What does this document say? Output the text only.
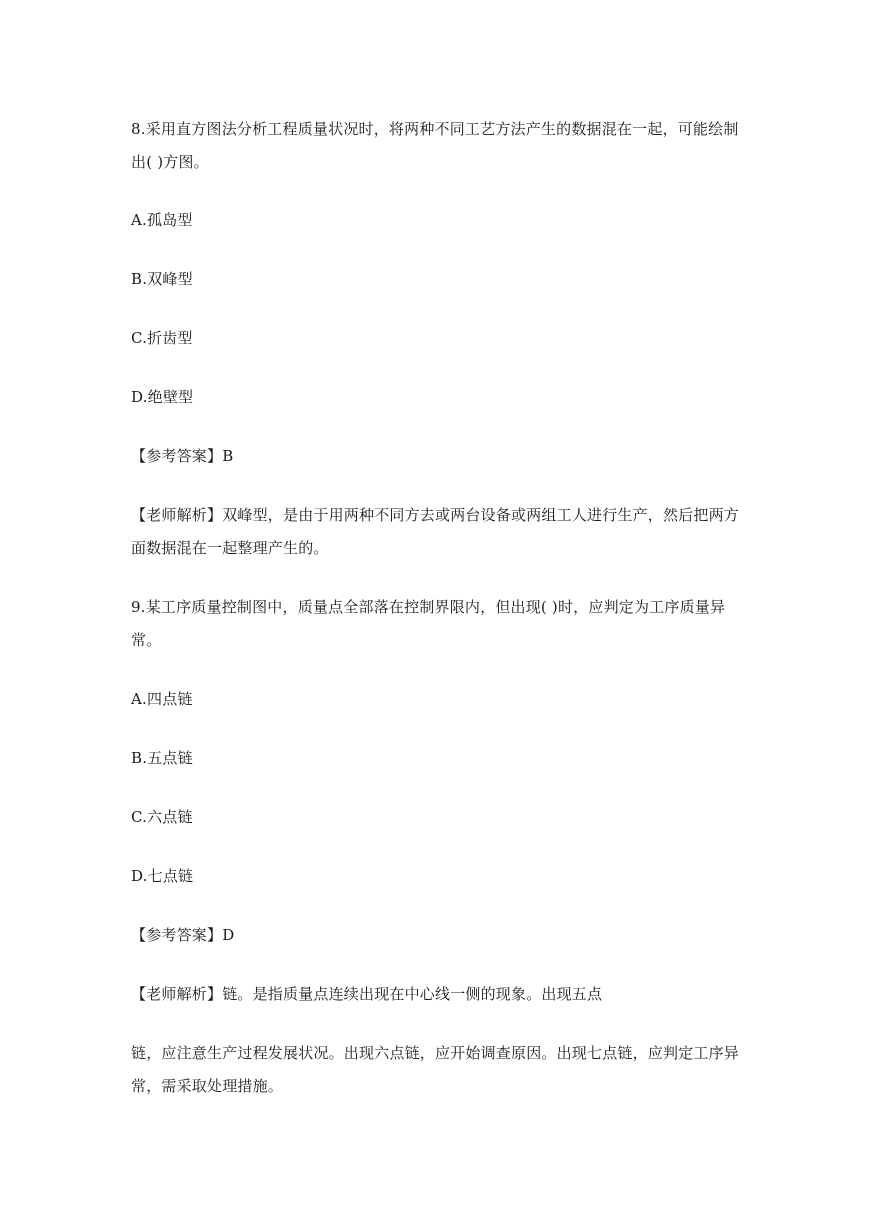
8.采用直方图法分析工程质量状况时，将两种不同工艺方法产生的数据混在一起，可能绘制
出( )方图。
A.孤岛型
B.双峰型
C.折齿型
D.绝壁型
【参考答案】B
【老师解析】双峰型，是由于用两种不同方去或两台设备或两组工人进行生产，然后把两方
面数据混在一起整理产生的。
9.某工序质量控制图中，质量点全部落在控制界限内，但出现( )时，应判定为工序质量异
常。
A.四点链
B.五点链
C.六点链
D.七点链
【参考答案】D
【老师解析】链。是指质量点连续出现在中心线一侧的现象。出现五点
链，应注意生产过程发展状况。出现六点链，应开始调查原因。出现七点链，应判定工序异
常，需采取处理措施。
